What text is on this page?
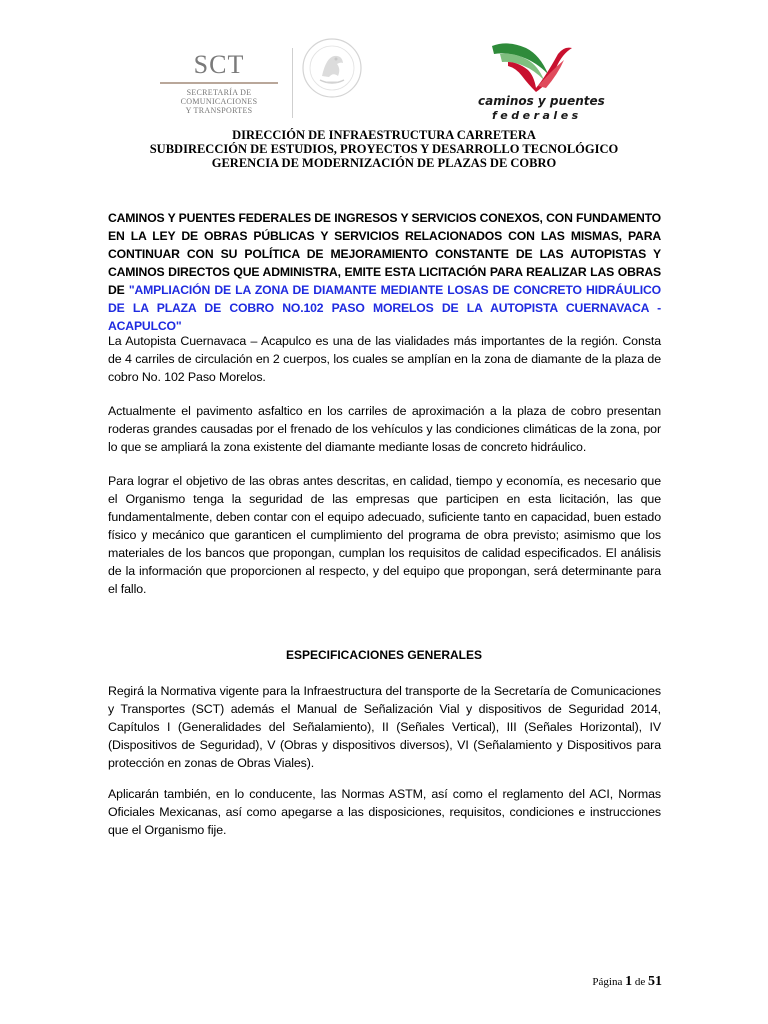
SCT
SECRETARÍA DE
COMUNICACIONES
Y TRANSPORTES
caminos y puentes
federales
DIRECCIÓN DE INFRAESTRUCTURA CARRETERA
SUBDIRECCIÓN DE ESTUDIOS, PROYECTOS Y DESARROLLO TECNOLÓGICO
GERENCIA DE MODERNIZACIÓN DE PLAZAS DE COBRO
CAMINOS Y PUENTES FEDERALES DE INGRESOS Y SERVICIOS CONEXOS, CON FUNDAMENTO EN LA LEY DE OBRAS PÚBLICAS Y SERVICIOS RELACIONADOS CON LAS MISMAS, PARA CONTINUAR CON SU POLÍTICA DE MEJORAMIENTO CONSTANTE DE LAS AUTOPISTAS Y CAMINOS DIRECTOS QUE ADMINISTRA, EMITE ESTA LICITACIÓN PARA REALIZAR LAS OBRAS DE "AMPLIACIÓN DE LA ZONA DE DIAMANTE MEDIANTE LOSAS DE CONCRETO HIDRÁULICO DE LA PLAZA DE COBRO NO.102 PASO MORELOS DE LA AUTOPISTA CUERNAVACA - ACAPULCO"
La Autopista Cuernavaca – Acapulco es una de las vialidades más importantes de la región. Consta de 4 carriles de circulación en 2 cuerpos, los cuales se amplían en la zona de diamante de la plaza de cobro No. 102 Paso Morelos.
Actualmente el pavimento asfaltico en los carriles de aproximación a la plaza de cobro presentan roderas grandes causadas por el frenado de los vehículos y las condiciones climáticas de la zona, por lo que se ampliará la zona existente del diamante mediante losas de concreto hidráulico.
Para lograr el objetivo de las obras antes descritas, en calidad, tiempo y economía, es necesario que el Organismo tenga la seguridad de las empresas que participen en esta licitación, las que fundamentalmente, deben contar con el equipo adecuado, suficiente tanto en capacidad, buen estado físico y mecánico que garanticen el cumplimiento del programa de obra previsto; asimismo que los materiales de los bancos que propongan, cumplan los requisitos de calidad especificados. El análisis de la información que proporcionen al respecto, y del equipo que propongan, será determinante para el fallo.
ESPECIFICACIONES GENERALES
Regirá la Normativa vigente para la Infraestructura del transporte de la Secretaría de Comunicaciones y Transportes (SCT) además el Manual de Señalización Vial y dispositivos de Seguridad 2014, Capítulos I (Generalidades del Señalamiento), II (Señales Vertical), III (Señales Horizontal), IV (Dispositivos de Seguridad), V (Obras y dispositivos diversos), VI (Señalamiento y Dispositivos para protección en zonas de Obras Viales).
Aplicarán también, en lo conducente, las Normas ASTM, así como el reglamento del ACI, Normas Oficiales Mexicanas, así como apegarse a las disposiciones, requisitos, condiciones e instrucciones que el Organismo fije.
Página 1 de 51
